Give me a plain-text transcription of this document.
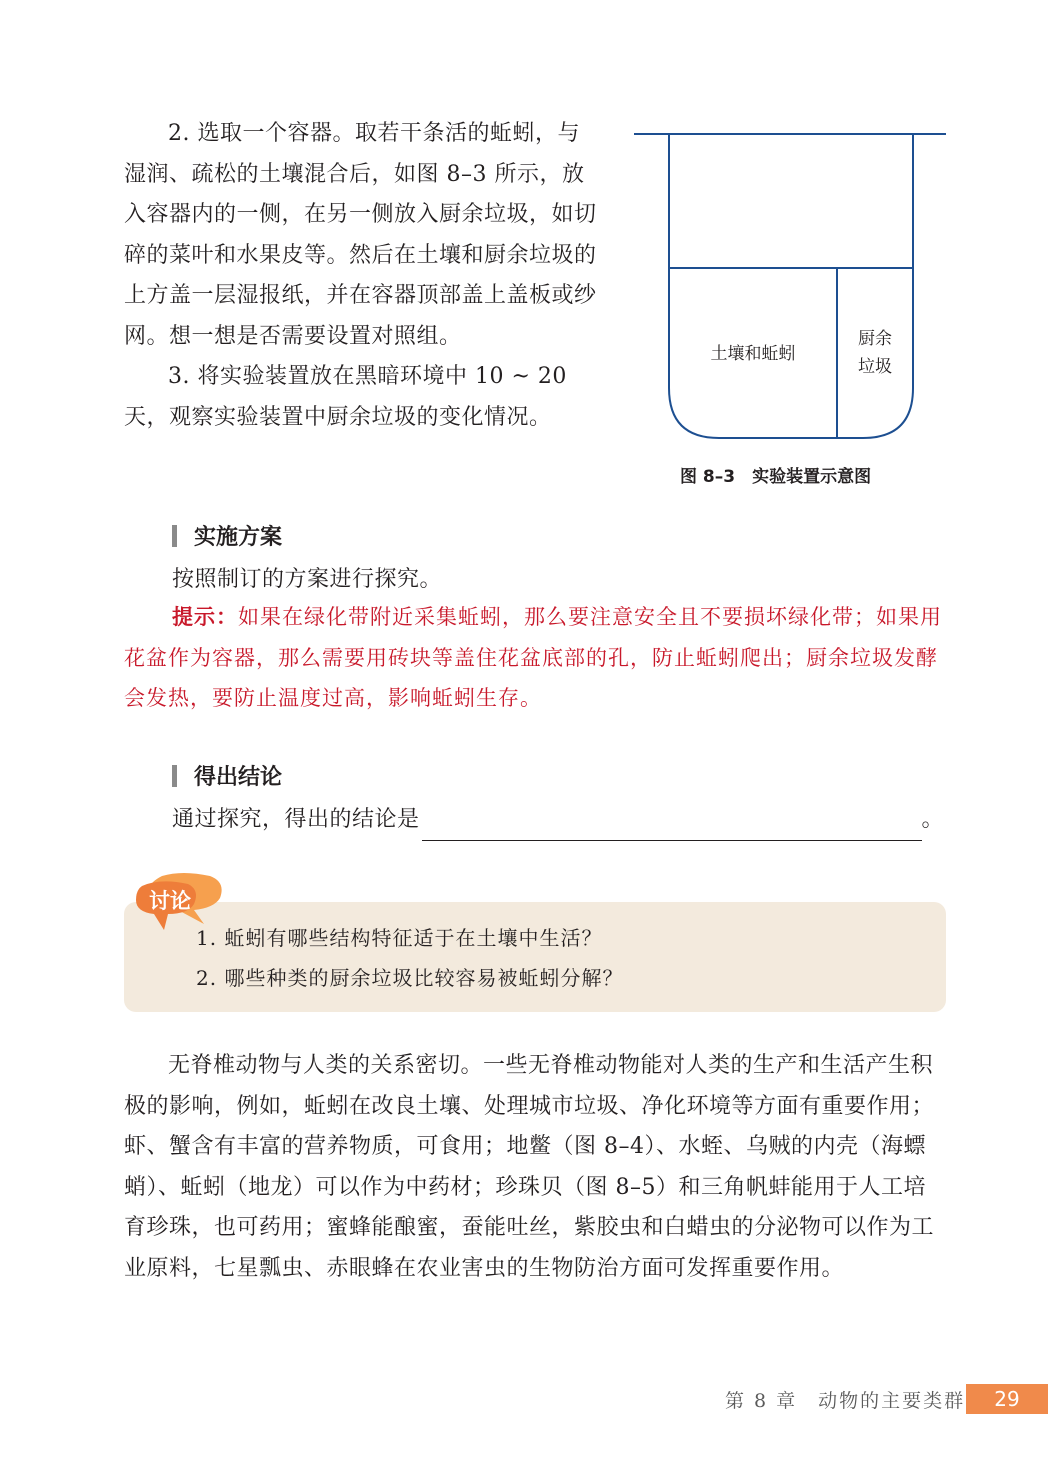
2. 选取一个容器。取若干条活的蚯蚓，与湿润、疏松的土壤混合后，如图 8–3 所示，放入容器内的一侧，在另一侧放入厨余垃圾，如切碎的菜叶和水果皮等。然后在土壤和厨余垃圾的上方盖一层湿报纸，并在容器顶部盖上盖板或纱网。想一想是否需要设置对照组。

3. 将实验装置放在黑暗环境中 10 ~ 20 天，观察实验装置中厨余垃圾的变化情况。

土壤和蚯蚓
厨余
垃圾
图 8–3　实验装置示意图
实施方案
按照制订的方案进行探究。
提示：如果在绿化带附近采集蚯蚓，那么要注意安全且不要损坏绿化带；如果用花盆作为容器，那么需要用砖块等盖住花盆底部的孔，防止蚯蚓爬出；厨余垃圾发酵会发热，要防止温度过高，影响蚯蚓生存。
得出结论
通过探究，得出的结论是	。
1. 蚯蚓有哪些结构特征适于在土壤中生活？
2. 哪些种类的厨余垃圾比较容易被蚯蚓分解？
讨论

无脊椎动物与人类的关系密切。一些无脊椎动物能对人类的生产和生活产生积极的影响，例如，蚯蚓在改良土壤、处理城市垃圾、净化环境等方面有重要作用；虾、蟹含有丰富的营养物质，可食用；地鳖（图 8–4）、水蛭、乌贼的内壳（海螵蛸）、蚯蚓（地龙）可以作为中药材；珍珠贝（图 8–5）和三角帆蚌能用于人工培育珍珠，也可药用；蜜蜂能酿蜜，蚕能吐丝，紫胶虫和白蜡虫的分泌物可以作为工业原料，七星瓢虫、赤眼蜂在农业害虫的生物防治方面可发挥重要作用。

第 8 章　动物的主要类群	29
